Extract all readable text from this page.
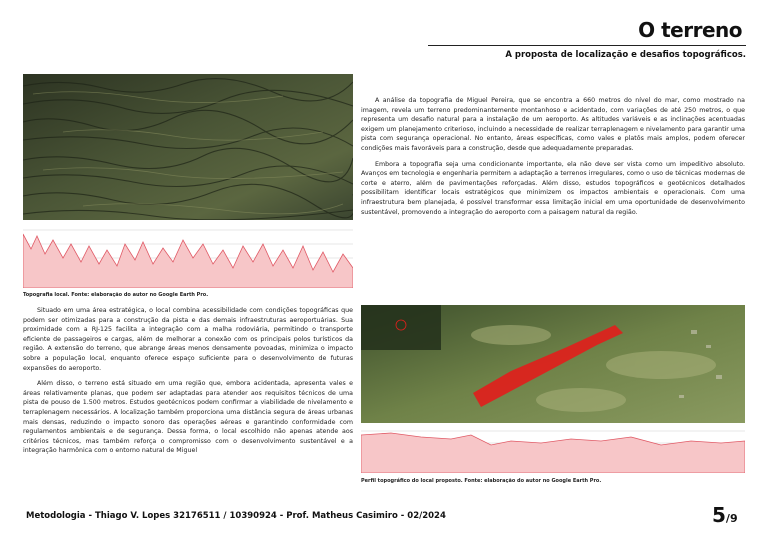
O terreno
A proposta de localização e desafios topográficos.
Topografia local. Fonte: elaboração do autor no Google Earth Pro.

A análise da topografia de Miguel Pereira, que se encontra a 660 metros do nível do mar, como mostrado na imagem, revela um terreno predominantemente montanhoso e acidentado, com variações de até 250 metros, o que representa um desafio natural para a instalação de um aeroporto. As altitudes variáveis e as inclinações acentuadas exigem um planejamento criterioso, incluindo a necessidade de realizar terraplenagem e nivelamento para garantir uma pista com segurança operacional. No entanto, áreas específicas, como vales e platôs mais amplos, podem oferecer condições mais favoráveis para a construção, desde que adequadamente preparadas.

Embora a topografia seja uma condicionante importante, ela não deve ser vista como um impeditivo absoluto. Avanços em tecnologia e engenharia permitem a adaptação a terrenos irregulares, como o uso de técnicas modernas de corte e aterro, além de pavimentações reforçadas. Além disso, estudos topográficos e geotécnicos detalhados possibilitam identificar locais estratégicos que minimizem os impactos ambientais e operacionais. Com uma infraestrutura bem planejada, é possível transformar essa limitação inicial em uma oportunidade de desenvolvimento sustentável, promovendo a integração do aeroporto com a paisagem natural da região.

Situado em uma área estratégica, o local combina acessibilidade com condições topográficas que podem ser otimizadas para a construção da pista e das demais infraestruturas aeroportuárias. Sua proximidade com a RJ-125 facilita a integração com a malha rodoviária, permitindo o transporte eficiente de passageiros e cargas, além de melhorar a conexão com os principais polos turísticos da região. A extensão do terreno, que abrange áreas menos densamente povoadas, minimiza o impacto sobre a população local, enquanto oferece espaço suficiente para o desenvolvimento de futuras expansões do aeroporto.

Além disso, o terreno está situado em uma região que, embora acidentada, apresenta vales e áreas relativamente planas, que podem ser adaptadas para atender aos requisitos técnicos de uma pista de pouso de 1.500 metros. Estudos geotécnicos podem confirmar a viabilidade de nivelamento e terraplenagem necessários. A localização também proporciona uma distância segura de áreas urbanas mais densas, reduzindo o impacto sonoro das operações aéreas e garantindo conformidade com regulamentos ambientais e de segurança. Dessa forma, o local escolhido não apenas atende aos critérios técnicos, mas também reforça o compromisso com o desenvolvimento sustentável e a integração harmônica com o entorno natural de Miguel

Perfil topográfico do local proposto. Fonte: elaboração do autor no Google Earth Pro.
Metodologia - Thiago V. Lopes 32176511 / 10390924 - Prof. Matheus Casimiro - 02/2024	5/9
